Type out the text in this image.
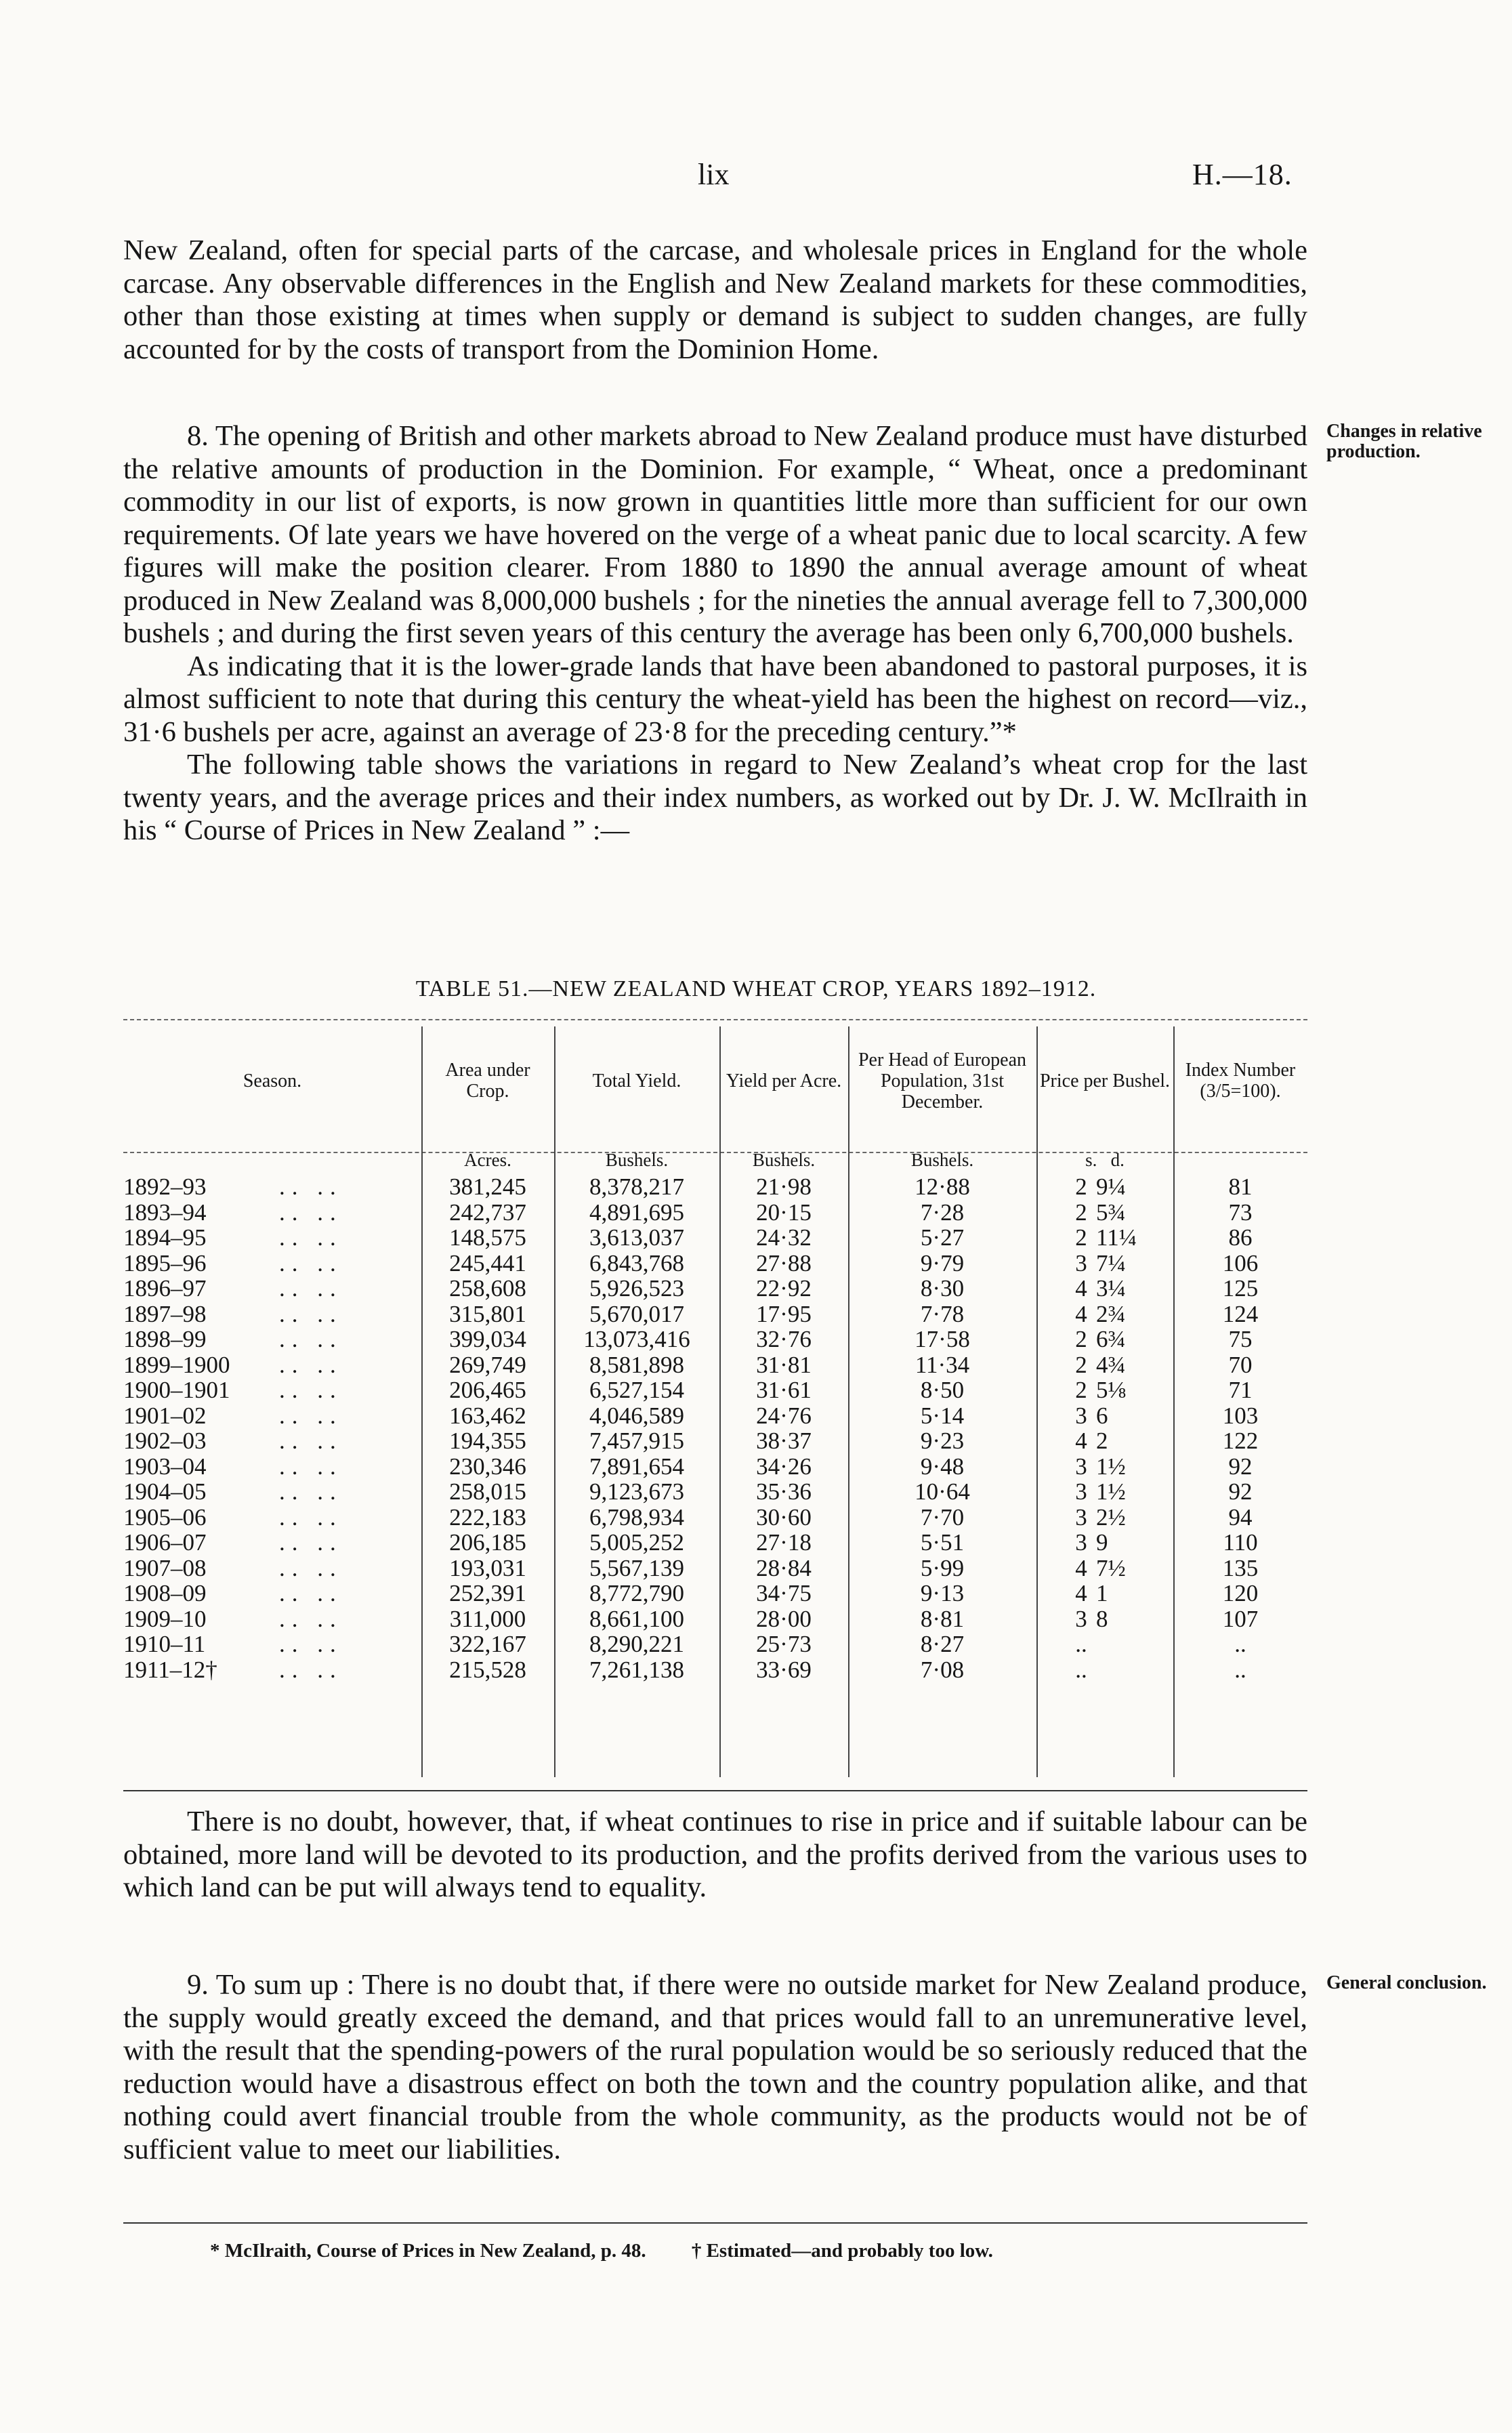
lix	H.—18.

New Zealand, often for special parts of the carcase, and wholesale prices in England for the whole carcase. Any observable differences in the English and New Zealand markets for these commodities, other than those existing at times when supply or demand is subject to sudden changes, are fully accounted for by the costs of transport from the Dominion Home.

8. The opening of British and other markets abroad to New Zealand produce must have disturbed the relative amounts of production in the Dominion. For example, “ Wheat, once a predominant commodity in our list of exports, is now grown in quantities little more than sufficient for our own requirements. Of late years we have hovered on the verge of a wheat panic due to local scarcity. A few figures will make the position clearer. From 1880 to 1890 the annual average amount of wheat produced in New Zealand was 8,000,000 bushels ; for the nineties the annual average fell to 7,300,000 bushels ; and during the first seven years of this century the average has been only 6,700,000 bushels.

As indicating that it is the lower-grade lands that have been abandoned to pastoral purposes, it is almost sufficient to note that during this century the wheat-yield has been the highest on record—viz., 31·6 bushels per acre, against an average of 23·8 for the preceding century.”*

The following table shows the variations in regard to New Zealand’s wheat crop for the last twenty years, and the average prices and their index numbers, as worked out by Dr. J. W. McIlraith in his “ Course of Prices in New Zealand ” :—

Changes in relative production.
TABLE 51.—NEW ZEALAND WHEAT CROP, YEARS 1892–1912.
Season.	Area under Crop.	Total Yield.	Yield per Acre.	Per Head of European Population, 31st December.	Price per Bushel.	Index Number (3/5=100).

	Acres.	Bushels.	Bushels.	Bushels.	s. d.	
1892–93 .. ..	381,245	8,378,217	21·98	12·88	2 9¼	81
1893–94 .. ..	242,737	4,891,695	20·15	7·28	2 5¾	73
1894–95 .. ..	148,575	3,613,037	24·32	5·27	2 11¼	86
1895–96 .. ..	245,441	6,843,768	27·88	9·79	3 7¼	106
1896–97 .. ..	258,608	5,926,523	22·92	8·30	4 3¼	125
1897–98 .. ..	315,801	5,670,017	17·95	7·78	4 2¾	124
1898–99 .. ..	399,034	13,073,416	32·76	17·58	2 6¾	75
1899–1900 .. ..	269,749	8,581,898	31·81	11·34	2 4¾	70
1900–1901 .. ..	206,465	6,527,154	31·61	8·50	2 5⅛	71
1901–02 .. ..	163,462	4,046,589	24·76	5·14	3 6	103
1902–03 .. ..	194,355	7,457,915	38·37	9·23	4 2	122
1903–04 .. ..	230,346	7,891,654	34·26	9·48	3 1½	92
1904–05 .. ..	258,015	9,123,673	35·36	10·64	3 1½	92
1905–06 .. ..	222,183	6,798,934	30·60	7·70	3 2½	94
1906–07 .. ..	206,185	5,005,252	27·18	5·51	3 9	110
1907–08 .. ..	193,031	5,567,139	28·84	5·99	4 7½	135
1908–09 .. ..	252,391	8,772,790	34·75	9·13	4 1	120
1909–10 .. ..	311,000	8,661,100	28·00	8·81	3 8	107
1910–11 .. ..	322,167	8,290,221	25·73	8·27	..	..
1911–12† .. ..	215,528	7,261,138	33·69	7·08	..	..

There is no doubt, however, that, if wheat continues to rise in price and if suitable labour can be obtained, more land will be devoted to its production, and the profits derived from the various uses to which land can be put will always tend to equality.

9. To sum up : There is no doubt that, if there were no outside market for New Zealand produce, the supply would greatly exceed the demand, and that prices would fall to an unremunerative level, with the result that the spending-powers of the rural population would be so seriously reduced that the reduction would have a disastrous effect on both the town and the country population alike, and that nothing could avert financial trouble from the whole community, as the products would not be of sufficient value to meet our liabilities.

General conclusion.
* McIlraith, Course of Prices in New Zealand, p. 48. † Estimated—and probably too low.
